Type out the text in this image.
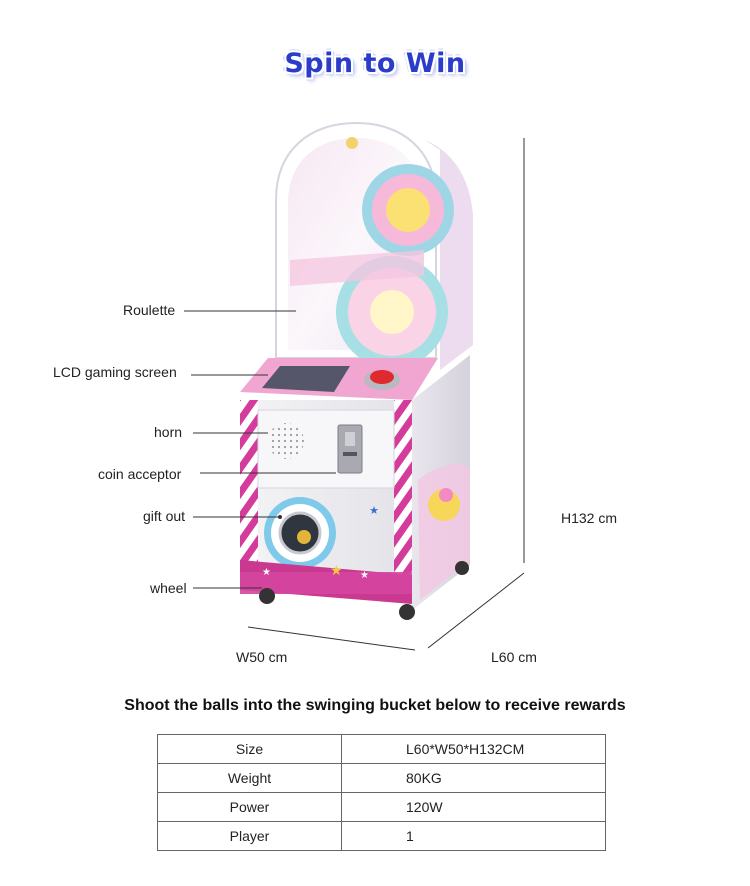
Spin to Win
★
★ ★
★
Roulette
LCD gaming screen
horn
coin acceptor
gift out
wheel
H132 cm
W50 cm	L60 cm
Shoot the balls into the swinging bucket below to receive rewards
Size	L60*W50*H132CM
Weight	80KG
Power	120W
Player	1
